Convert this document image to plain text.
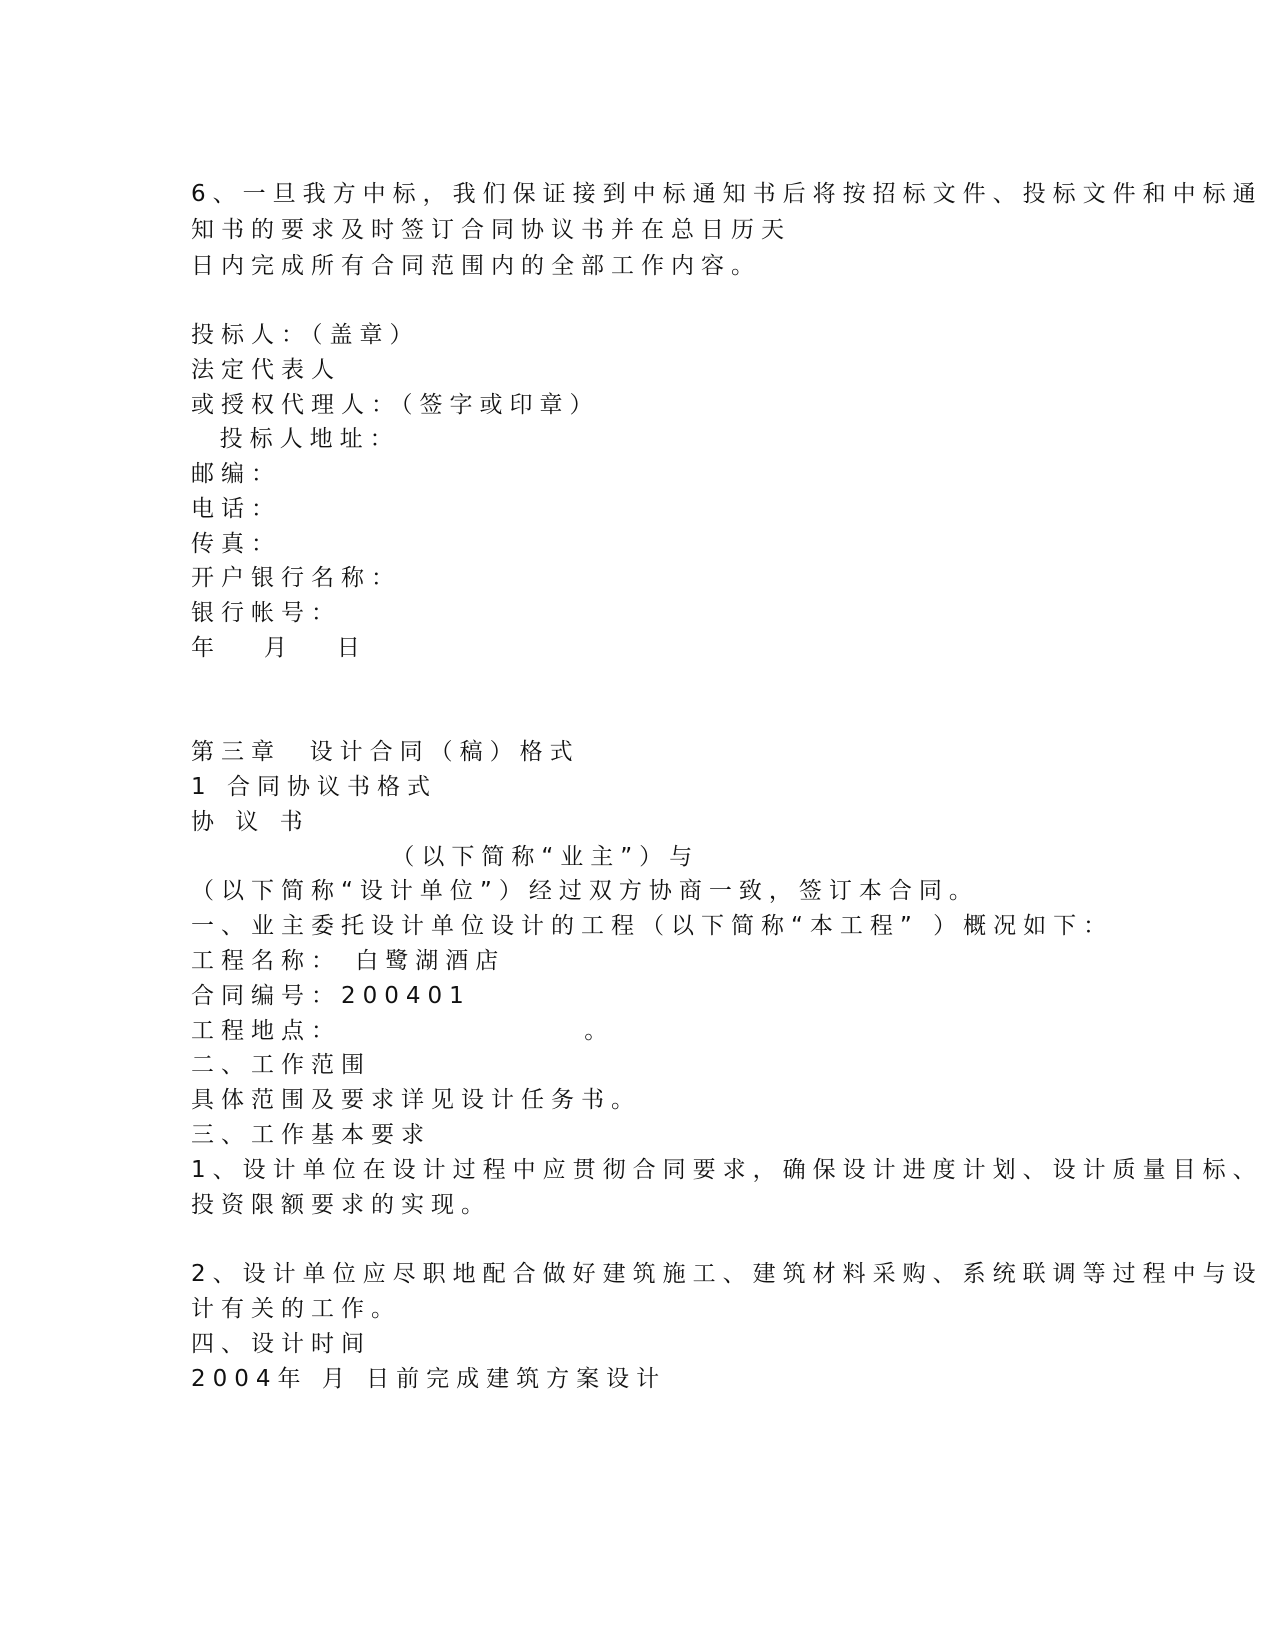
6、一旦我方中标，我们保证接到中标通知书后将按招标文件、投标文件和中标通
知书的要求及时签订合同协议书并在总日历天
日内完成所有合同范围内的全部工作内容。
投标人：（盖章）
法定代表人
或授权代理人：（签字或印章）
投标人地址：
邮编：
电话：
传真：
开户银行名称：
银行帐号：
年   月   日
第三章  设计合同（稿）格式
1 合同协议书格式
协 议 书
（以下简称“业主”）与
（以下简称“设计单位”）经过双方协商一致，签订本合同。
一、业主委托设计单位设计的工程（以下简称“本工程” ）概况如下：
工程名称： 白鹭湖酒店
合同编号：200401
工程地点：                 。
二、工作范围
具体范围及要求详见设计任务书。
三、工作基本要求
1、设计单位在设计过程中应贯彻合同要求，确保设计进度计划、设计质量目标、
投资限额要求的实现。
2、设计单位应尽职地配合做好建筑施工、建筑材料采购、系统联调等过程中与设
计有关的工作。
四、设计时间
2004年 月 日前完成建筑方案设计
